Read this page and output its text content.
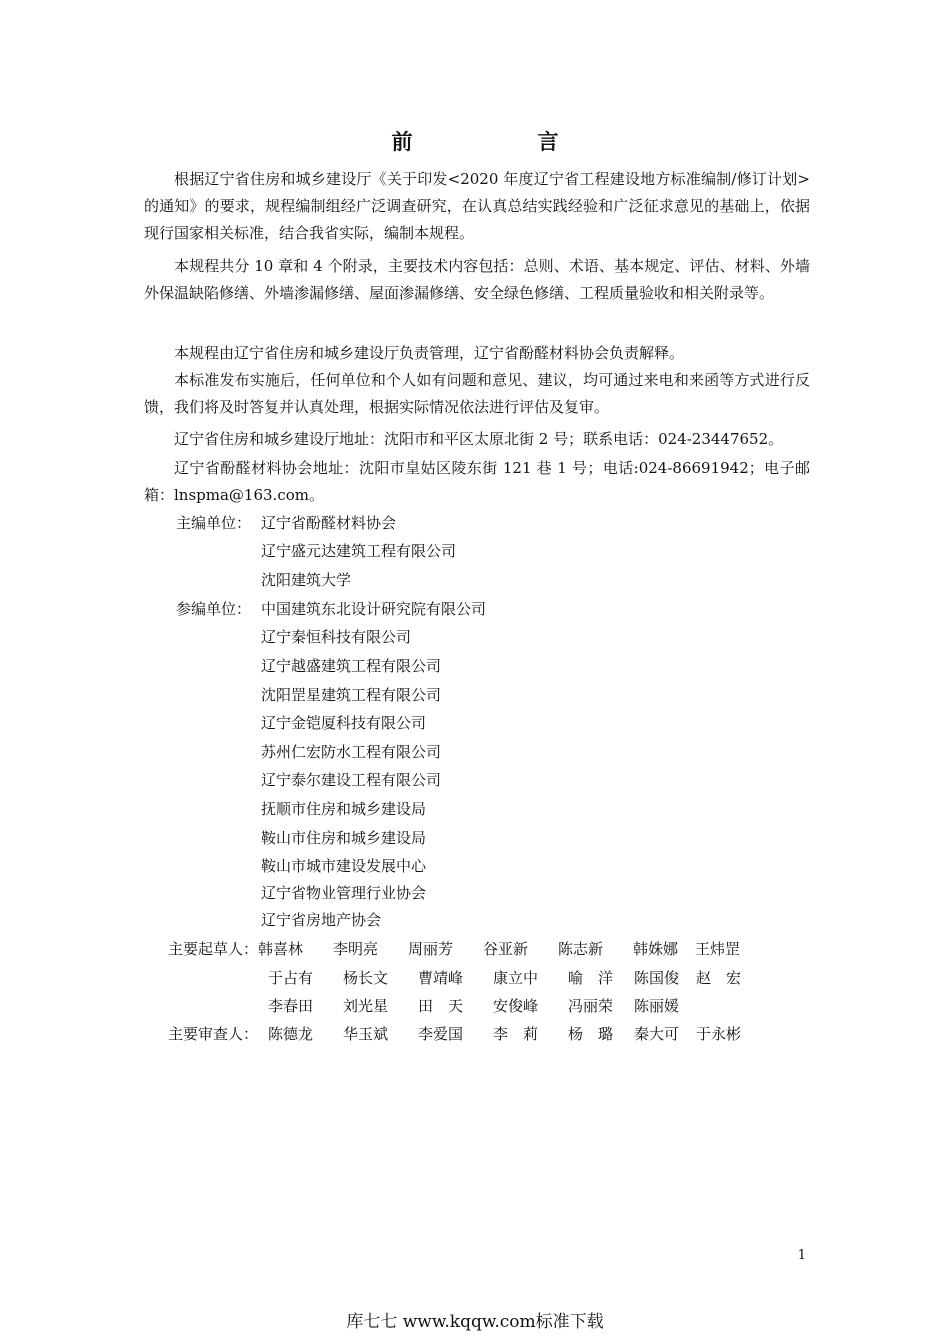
前　言

根据辽宁省住房和城乡建设厅《关于印发<2020 年度辽宁省工程建设地方标准编制/修订计划>的通知》的要求，规程编制组经广泛调查研究，在认真总结实践经验和广泛征求意见的基础上，依据现行国家相关标准，结合我省实际，编制本规程。

本规程共分 10 章和 4 个附录，主要技术内容包括：总则、术语、基本规定、评估、材料、外墙外保温缺陷修缮、外墙渗漏修缮、屋面渗漏修缮、安全绿色修缮、工程质量验收和相关附录等。

本规程由辽宁省住房和城乡建设厅负责管理，辽宁省酚醛材料协会负责解释。

本标准发布实施后，任何单位和个人如有问题和意见、建议，均可通过来电和来函等方式进行反馈，我们将及时答复并认真处理，根据实际情况依法进行评估及复审。

辽宁省住房和城乡建设厅地址：沈阳市和平区太原北街 2 号；联系电话：024-23447652。

辽宁省酚醛材料协会地址：沈阳市皇姑区陵东街 121 巷 1 号；电话:024-86691942；电子邮箱：lnspma@163.com。

主编单位： 辽宁省酚醛材料协会
辽宁盛元达建筑工程有限公司
沈阳建筑大学
参编单位： 中国建筑东北设计研究院有限公司
辽宁秦恒科技有限公司
辽宁越盛建筑工程有限公司
沈阳罡星建筑工程有限公司
辽宁金铠厦科技有限公司
苏州仁宏防水工程有限公司
辽宁泰尔建设工程有限公司
抚顺市住房和城乡建设局
鞍山市住房和城乡建设局
鞍山市城市建设发展中心
辽宁省物业管理行业协会
辽宁省房地产协会
主要起草人： 韩喜林 李明亮 周丽芳 谷亚新 陈志新 韩姝娜 王炜罡
于占有 杨长文 曹靖峰 康立中 喻　洋 陈国俊 赵　宏
李春田 刘光星 田　天 安俊峰 冯丽荣 陈丽媛
主要审查人： 陈德龙 华玉斌 李爱国 李　莉 杨　璐 秦大可 于永彬
1
库七七 www.kqqw.com标准下载
